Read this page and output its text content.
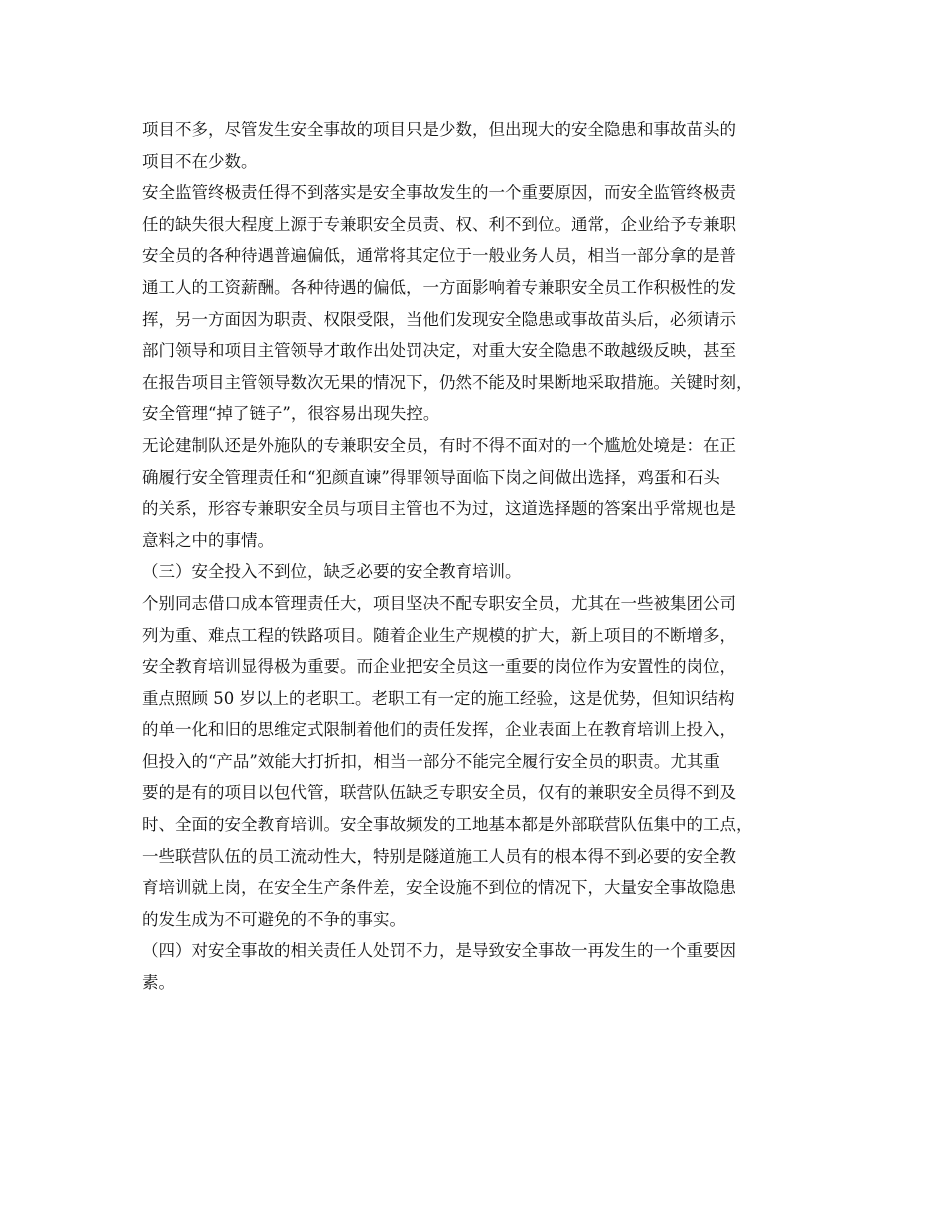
项目不多，尽管发生安全事故的项目只是少数，但出现大的安全隐患和事故苗头的
项目不在少数。
安全监管终极责任得不到落实是安全事故发生的一个重要原因，而安全监管终极责
任的缺失很大程度上源于专兼职安全员责、权、利不到位。通常，企业给予专兼职
安全员的各种待遇普遍偏低，通常将其定位于一般业务人员，相当一部分拿的是普
通工人的工资薪酬。各种待遇的偏低，一方面影响着专兼职安全员工作积极性的发
挥，另一方面因为职责、权限受限，当他们发现安全隐患或事故苗头后，必须请示
部门领导和项目主管领导才敢作出处罚决定，对重大安全隐患不敢越级反映，甚至
在报告项目主管领导数次无果的情况下，仍然不能及时果断地采取措施。关键时刻，
安全管理“掉了链子”，很容易出现失控。
无论建制队还是外施队的专兼职安全员，有时不得不面对的一个尴尬处境是：在正
确履行安全管理责任和“犯颜直谏”得罪领导面临下岗之间做出选择，鸡蛋和石头
的关系，形容专兼职安全员与项目主管也不为过，这道选择题的答案出乎常规也是
意料之中的事情。
（三）安全投入不到位，缺乏必要的安全教育培训。
个别同志借口成本管理责任大，项目坚决不配专职安全员，尤其在一些被集团公司
列为重、难点工程的铁路项目。随着企业生产规模的扩大，新上项目的不断增多，
安全教育培训显得极为重要。而企业把安全员这一重要的岗位作为安置性的岗位，
重点照顾 50 岁以上的老职工。老职工有一定的施工经验，这是优势，但知识结构
的单一化和旧的思维定式限制着他们的责任发挥，企业表面上在教育培训上投入，
但投入的“产品”效能大打折扣，相当一部分不能完全履行安全员的职责。尤其重
要的是有的项目以包代管，联营队伍缺乏专职安全员，仅有的兼职安全员得不到及
时、全面的安全教育培训。安全事故频发的工地基本都是外部联营队伍集中的工点，
一些联营队伍的员工流动性大，特别是隧道施工人员有的根本得不到必要的安全教
育培训就上岗，在安全生产条件差，安全设施不到位的情况下，大量安全事故隐患
的发生成为不可避免的不争的事实。
（四）对安全事故的相关责任人处罚不力，是导致安全事故一再发生的一个重要因
素。
